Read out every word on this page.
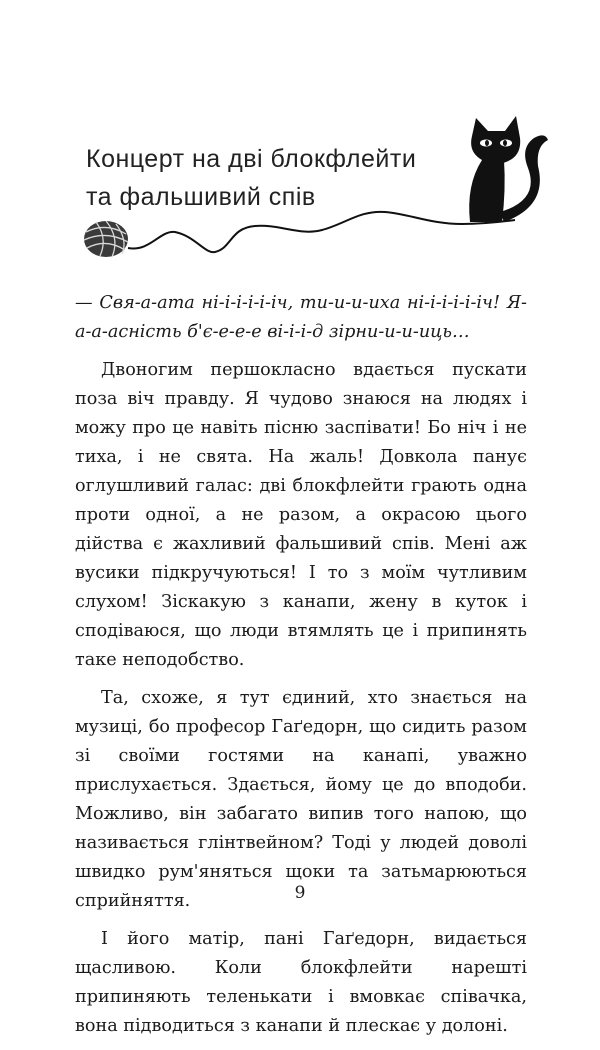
Концерт на дві блокфлейти
та фальшивий спів

— Свя-а-ата ні-і-і-і-і-іч, ти-и-и-иха ні-і-і-і-і-іч! Я-а-а-асність б'є-е-е-е ві-і-і-д зірни-и-и-иць…

Двоногим першокласно вдається пускати поза віч правду. Я чудово знаюся на людях і можу про це навіть пісню заспівати! Бо ніч і не тиха, і не свята. На жаль! Довкола панує оглушливий галас: дві блокфлейти грають одна проти одної, а не разом, а окрасою цього дійства є жахливий фальшивий спів. Мені аж вусики підкручуються! І то з моїм чутливим слухом! Зіскакую з канапи, жену в куток і сподіваюся, що люди втямлять це і припинять таке неподобство.

Та, схоже, я тут єдиний, хто знається на музиці, бо професор Гаґедорн, що сидить разом зі своїми гостями на канапі, уважно прислухається. Здається, йому це до вподоби. Можливо, він забагато випив того напою, що називається глінтвейном? Тоді у людей доволі швидко рум'яняться щоки та затьмарюються сприйняття.

І його матір, пані Гаґедорн, видається щасливою. Коли блокфлейти нарешті припиняють теленькати і вмовкає співачка, вона підводиться з канапи й плескає у долоні.

9
